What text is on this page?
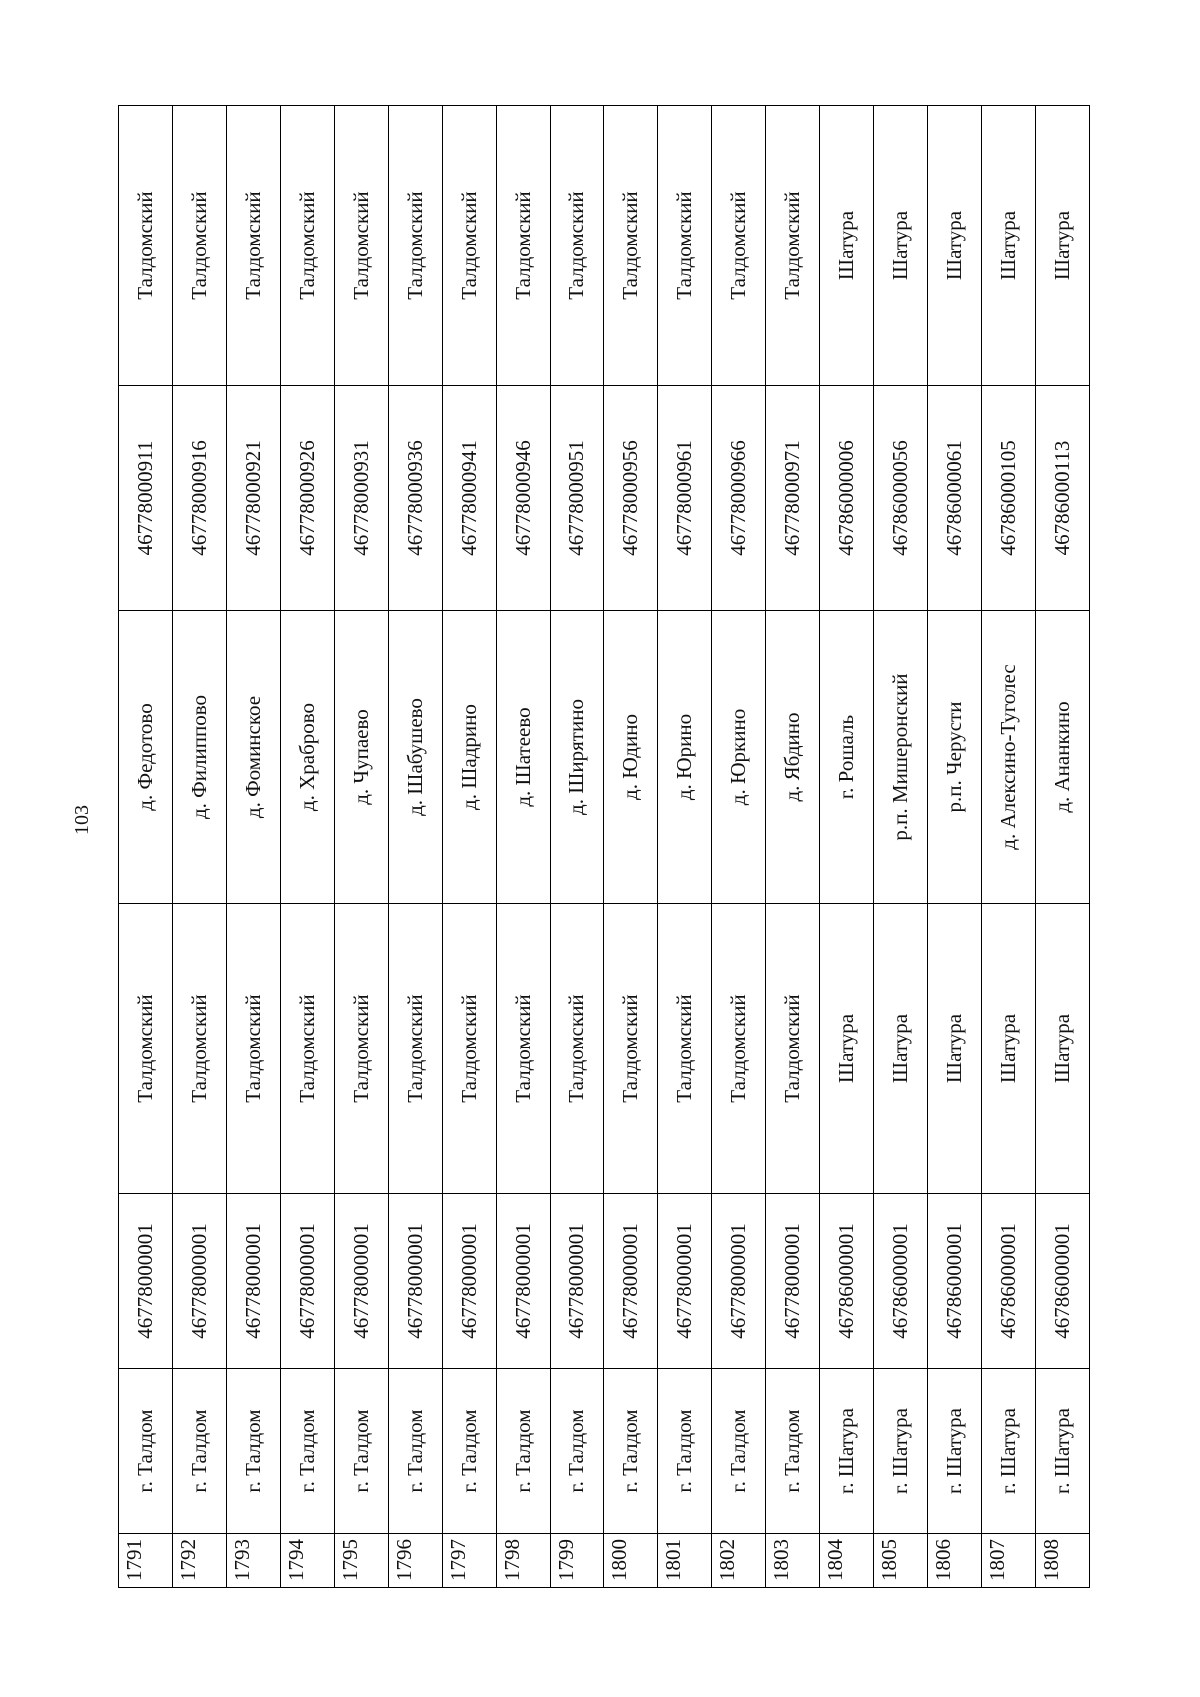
103
1791	г. Талдом	46778000001	Талдомский	д. Федотово	46778000911	Талдомский
1792	г. Талдом	46778000001	Талдомский	д. Филиппово	46778000916	Талдомский
1793	г. Талдом	46778000001	Талдомский	д. Фоминское	46778000921	Талдомский
1794	г. Талдом	46778000001	Талдомский	д. Храброво	46778000926	Талдомский
1795	г. Талдом	46778000001	Талдомский	д. Чупаево	46778000931	Талдомский
1796	г. Талдом	46778000001	Талдомский	д. Шабушево	46778000936	Талдомский
1797	г. Талдом	46778000001	Талдомский	д. Шадрино	46778000941	Талдомский
1798	г. Талдом	46778000001	Талдомский	д. Шатеево	46778000946	Талдомский
1799	г. Талдом	46778000001	Талдомский	д. Ширятино	46778000951	Талдомский
1800	г. Талдом	46778000001	Талдомский	д. Юдино	46778000956	Талдомский
1801	г. Талдом	46778000001	Талдомский	д. Юрино	46778000961	Талдомский
1802	г. Талдом	46778000001	Талдомский	д. Юркино	46778000966	Талдомский
1803	г. Талдом	46778000001	Талдомский	д. Ябдино	46778000971	Талдомский
1804	г. Шатура	46786000001	Шатура	г. Рошаль	46786000006	Шатура
1805	г. Шатура	46786000001	Шатура	р.п. Мишеронский	46786000056	Шатура
1806	г. Шатура	46786000001	Шатура	р.п. Черусти	46786000061	Шатура
1807	г. Шатура	46786000001	Шатура	д. Алексино-Туголес	46786000105	Шатура
1808	г. Шатура	46786000001	Шатура	д. Ананкино	46786000113	Шатура
